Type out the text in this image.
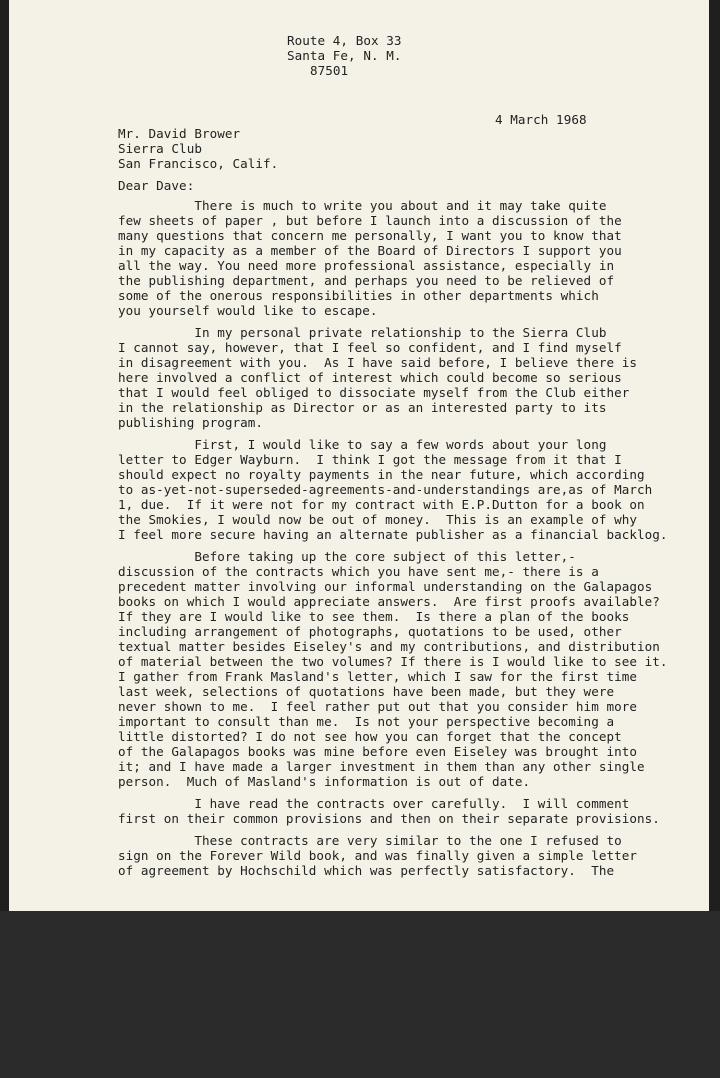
Route 4, Box 33

Santa Fe, N. M.

87501

4 March 1968

Mr. David Brower

Sierra Club

San Francisco, Calif.

Dear Dave:

There is much to write you about and it may take quite

few sheets of paper , but before I launch into a discussion of the

many questions that concern me personally, I want you to know that

in my capacity as a member of the Board of Directors I support you

all the way. You need more professional assistance, especially in

the publishing department, and perhaps you need to be relieved of

some of the onerous responsibilities in other departments which

you yourself would like to escape.

In my personal private relationship to the Sierra Club

I cannot say, however, that I feel so confident, and I find myself

in disagreement with you.  As I have said before, I believe there is

here involved a conflict of interest which could become so serious

that I would feel obliged to dissociate myself from the Club either

in the relationship as Director or as an interested party to its

publishing program.

First, I would like to say a few words about your long

letter to Edger Wayburn.  I think I got the message from it that I

should expect no royalty payments in the near future, which according

to as-yet-not-superseded-agreements-and-understandings are,as of March

1, due.  If it were not for my contract with E.P.Dutton for a book on

the Smokies, I would now be out of money.  This is an example of why

I feel more secure having an alternate publisher as a financial backlog.

Before taking up the core subject of this letter,-

discussion of the contracts which you have sent me,- there is a

precedent matter involving our informal understanding on the Galapagos

books on which I would appreciate answers.  Are first proofs available?

If they are I would like to see them.  Is there a plan of the books

including arrangement of photographs, quotations to be used, other

textual matter besides Eiseley's and my contributions, and distribution

of material between the two volumes? If there is I would like to see it.

I gather from Frank Masland's letter, which I saw for the first time

last week, selections of quotations have been made, but they were

never shown to me.  I feel rather put out that you consider him more

important to consult than me.  Is not your perspective becoming a

little distorted? I do not see how you can forget that the concept

of the Galapagos books was mine before even Eiseley was brought into

it; and I have made a larger investment in them than any other single

person.  Much of Masland's information is out of date.

I have read the contracts over carefully.  I will comment

first on their common provisions and then on their separate provisions.

These contracts are very similar to the one I refused to

sign on the Forever Wild book, and was finally given a simple letter

of agreement by Hochschild which was perfectly satisfactory.  The
